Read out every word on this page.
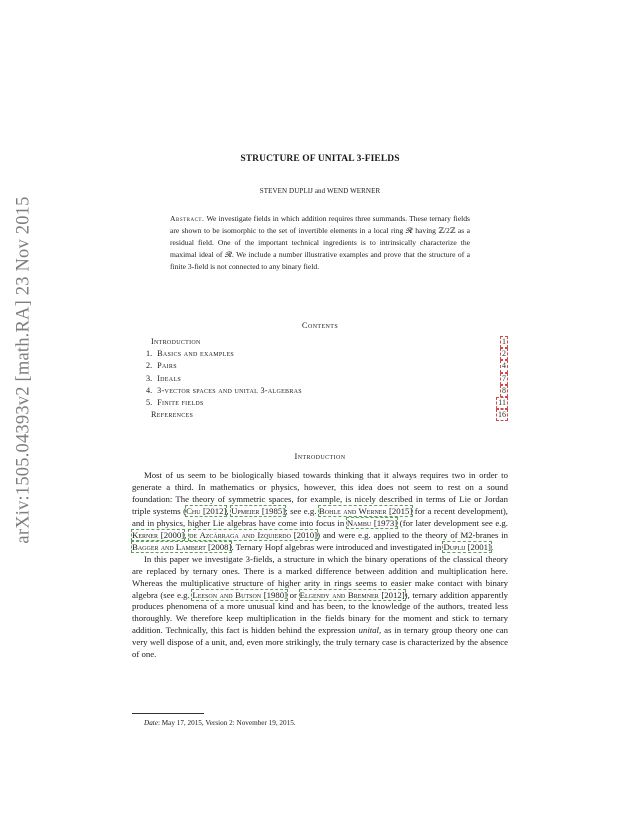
arXiv:1505.04393v2 [math.RA] 23 Nov 2015
STRUCTURE OF UNITAL 3-FIELDS
STEVEN DUPLIJ and WEND WERNER
Abstract. We investigate fields in which addition requires three summands. These ternary fields are shown to be isomorphic to the set of invertible elements in a local ring 𝓡 having ℤ/2ℤ as a residual field. One of the important technical ingredients is to intrinsically characterize the maximal ideal of 𝓡. We include a number illustrative examples and prove that the structure of a finite 3-field is not connected to any binary field.
Contents
Introduction	1
1. Basics and examples	2
2. Pairs	4
3. Ideals	7
4. 3-vector spaces and unital 3-algebras	8
5. Finite fields	11
References	16
Introduction

Most of us seem to be biologically biased towards thinking that it always requires two in order to generate a third. In mathematics or physics, however, this idea does not seem to rest on a sound foundation: The theory of symmetric spaces, for example, is nicely described in terms of Lie or Jordan triple systems (Chu [2012], Upmeier [1985]; see e.g. Bohle and Werner [2015] for a recent development), and in physics, higher Lie algebras have come into focus in Nambu [1973] (for later development see e.g. Kerner [2000], de Azcárraga and Izquierdo [2010]) and were e.g. applied to the theory of M2-branes in Bagger and Lambert [2008]. Ternary Hopf algebras were introduced and investigated in Duplij [2001].

In this paper we investigate 3-fields, a structure in which the binary operations of the classical theory are replaced by ternary ones. There is a marked difference between addition and multiplication here. Whereas the multiplicative structure of higher arity in rings seems to easier make contact with binary algebra (see e.g. Leeson and Butson [1980] or Elgendy and Bremner [2012]), ternary addition apparently produces phenomena of a more unusual kind and has been, to the knowledge of the authors, treated less thoroughly. We therefore keep multiplication in the fields binary for the moment and stick to ternary addition. Technically, this fact is hidden behind the expression unital, as in ternary group theory one can very well dispose of a unit, and, even more strikingly, the truly ternary case is characterized by the absence of one.

Date: May 17, 2015, Version 2: November 19, 2015.
